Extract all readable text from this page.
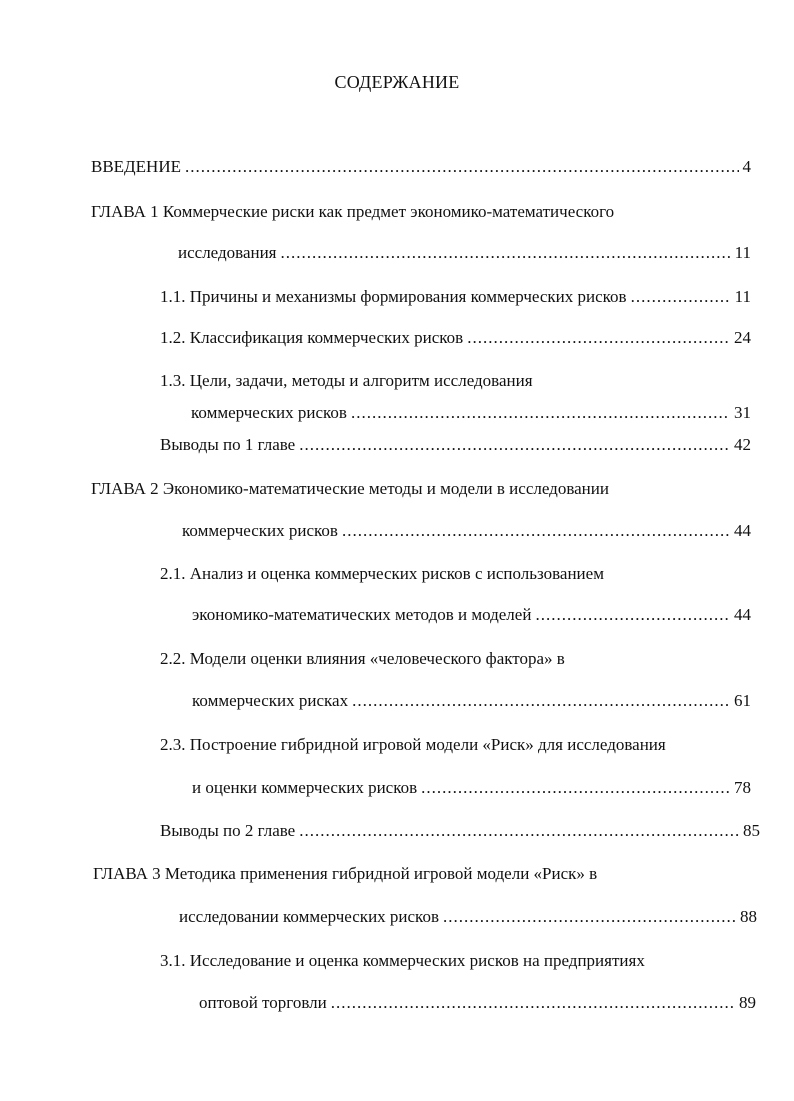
СОДЕРЖАНИЕ
ВВЕДЕНИЕ .....	4
ГЛАВА 1 Коммерческие риски как предмет экономико-математического
исследования .....	11
1.1. Причины и механизмы формирования коммерческих рисков .....	11
1.2. Классификация коммерческих рисков .....	24
1.3. Цели, задачи, методы и алгоритм исследования
коммерческих рисков .....	31
Выводы по 1 главе .....	42
ГЛАВА 2 Экономико-математические методы и модели в исследовании
коммерческих рисков .....	44
2.1. Анализ и оценка коммерческих рисков с использованием
экономико-математических методов и моделей .....	44
2.2. Модели оценки влияния «человеческого фактора» в
коммерческих рисках .....	61
2.3. Построение гибридной игровой модели «Риск» для исследования
и оценки коммерческих рисков .....	78
Выводы по 2 главе .....	85
ГЛАВА 3 Методика применения гибридной игровой модели «Риск» в
исследовании коммерческих рисков .....	88
3.1. Исследование и оценка коммерческих рисков на предприятиях
оптовой торговли .....	89
